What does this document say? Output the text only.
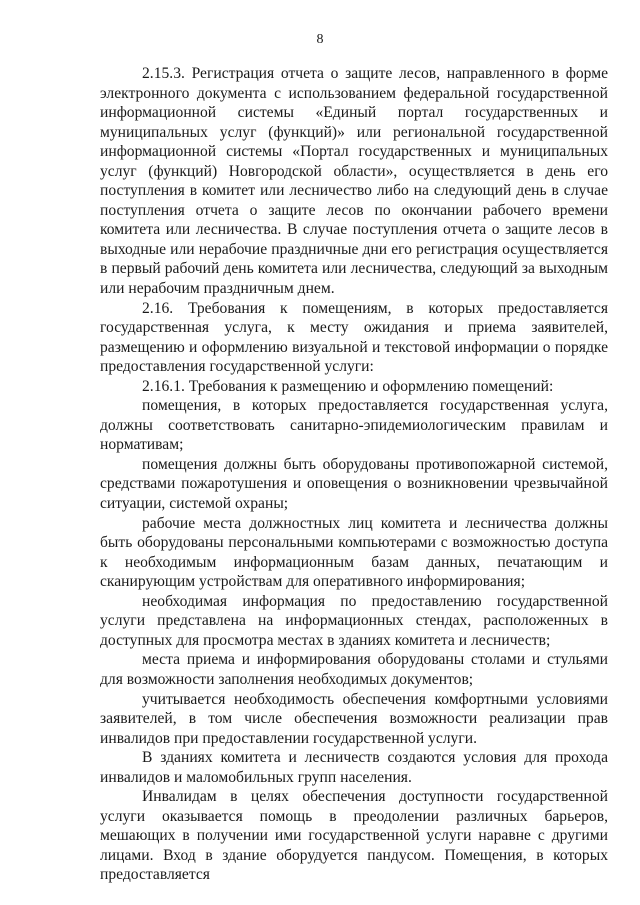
8

2.15.3. Регистрация отчета о защите лесов, направленного в форме электронного документа с использованием федеральной государственной информационной системы «Единый портал государственных и муниципальных услуг (функций)» или региональной государственной информационной системы «Портал государственных и муниципальных услуг (функций) Новгородской области», осуществляется в день его поступления в комитет или лесничество либо на следующий день в случае поступления отчета о защите лесов по окончании рабочего времени комитета или лесничества. В случае поступления отчета о защите лесов в выходные или нерабочие праздничные дни его регистрация осуществляется в первый рабочий день комитета или лесничества, следующий за выходным или нерабочим праздничным днем.

2.16. Требования к помещениям, в которых предоставляется государственная услуга, к месту ожидания и приема заявителей, размещению и оформлению визуальной и текстовой информации о порядке предоставления государственной услуги:

2.16.1. Требования к размещению и оформлению помещений:

помещения, в которых предоставляется государственная услуга, должны соответствовать санитарно-эпидемиологическим правилам и нормативам;

помещения должны быть оборудованы противопожарной системой, средствами пожаротушения и оповещения о возникновении чрезвычайной ситуации, системой охраны;

рабочие места должностных лиц комитета и лесничества должны быть оборудованы персональными компьютерами с возможностью доступа к необходимым информационным базам данных, печатающим и сканирующим устройствам для оперативного информирования;

необходимая информация по предоставлению государственной услуги представлена на информационных стендах, расположенных в доступных для просмотра местах в зданиях комитета и лесничеств;

места приема и информирования оборудованы столами и стульями для возможности заполнения необходимых документов;

учитывается необходимость обеспечения комфортными условиями заявителей, в том числе обеспечения возможности реализации прав инвалидов при предоставлении государственной услуги.

В зданиях комитета и лесничеств создаются условия для прохода инвалидов и маломобильных групп населения.

Инвалидам в целях обеспечения доступности государственной услуги оказывается помощь в преодолении различных барьеров, мешающих в получении ими государственной услуги наравне с другими лицами. Вход в здание оборудуется пандусом. Помещения, в которых предоставляется
